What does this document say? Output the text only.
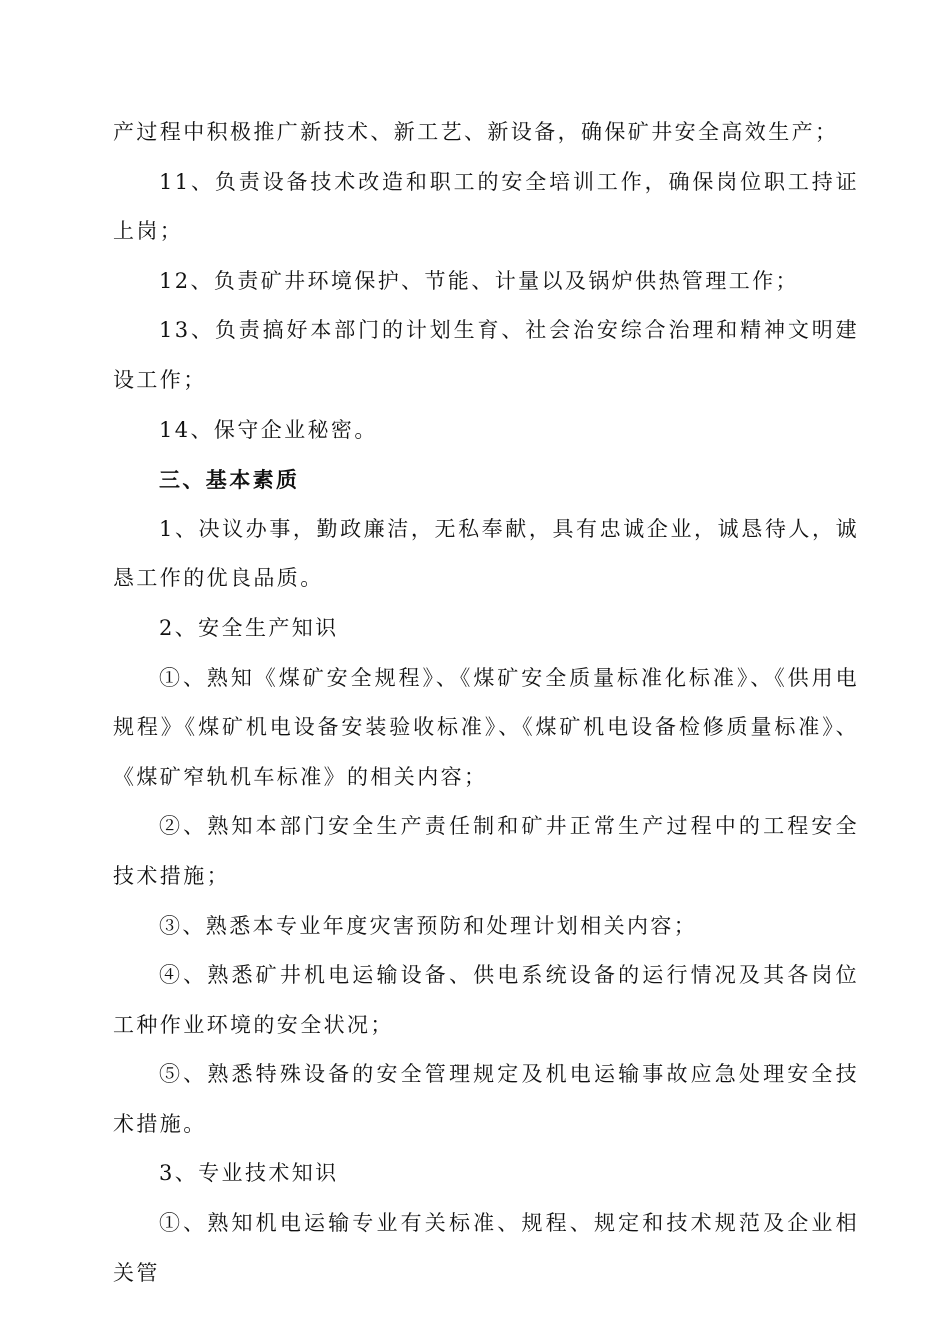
产过程中积极推广新技术、新工艺、新设备，确保矿井安全高效生产；

11、负责设备技术改造和职工的安全培训工作，确保岗位职工持证上岗；

12、负责矿井环境保护、节能、计量以及锅炉供热管理工作；

13、负责搞好本部门的计划生育、社会治安综合治理和精神文明建设工作；

14、保守企业秘密。

三、基本素质

1、决议办事，勤政廉洁，无私奉献，具有忠诚企业，诚恳待人，诚恳工作的优良品质。

2、安全生产知识

①、熟知《煤矿安全规程》、《煤矿安全质量标准化标准》、《供用电规程》《煤矿机电设备安装验收标准》、《煤矿机电设备检修质量标准》、《煤矿窄轨机车标准》的相关内容；

②、熟知本部门安全生产责任制和矿井正常生产过程中的工程安全技术措施；

③、熟悉本专业年度灾害预防和处理计划相关内容；

④、熟悉矿井机电运输设备、供电系统设备的运行情况及其各岗位工种作业环境的安全状况；

⑤、熟悉特殊设备的安全管理规定及机电运输事故应急处理安全技术措施。

3、专业技术知识

①、熟知机电运输专业有关标准、规程、规定和技术规范及企业相关管
